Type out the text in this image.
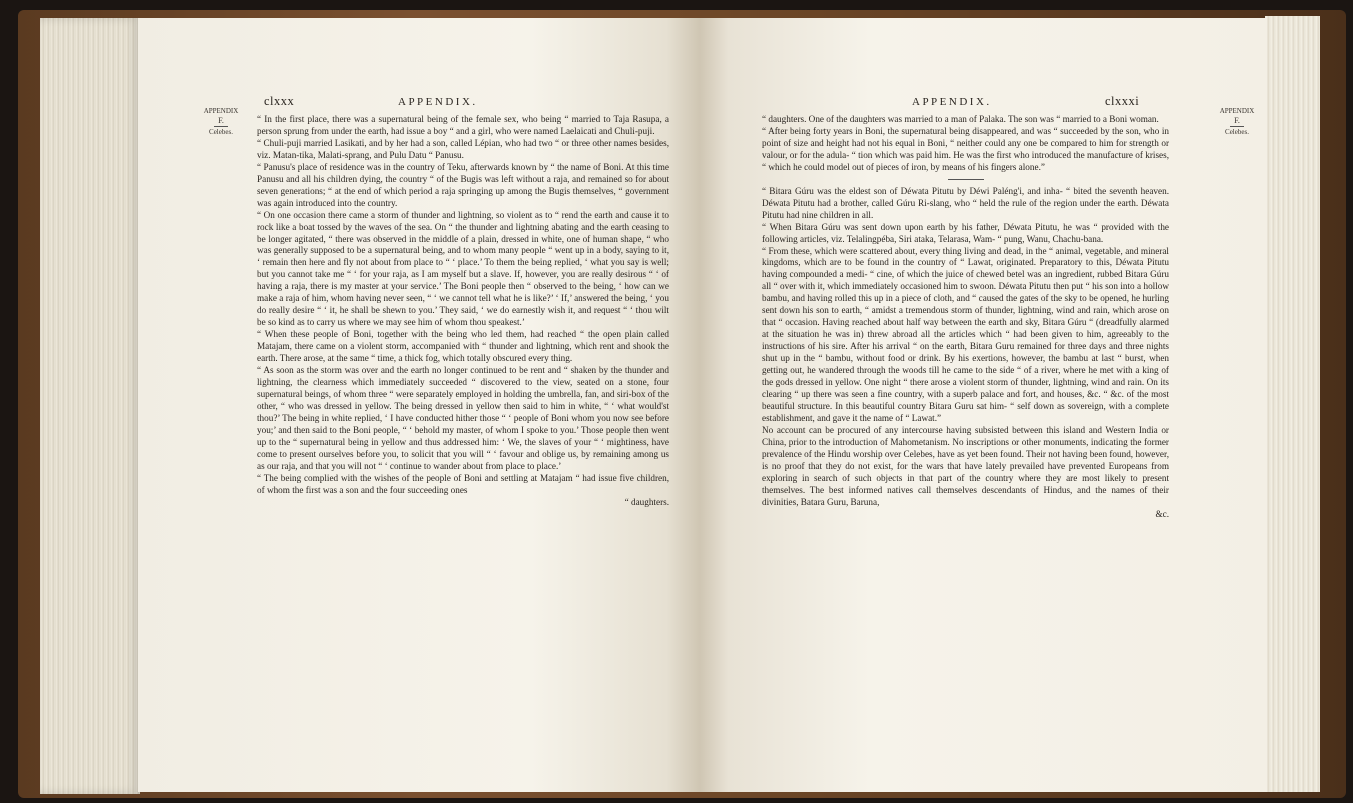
clxxx	APPENDIX.
APPENDIX
F.
Celebes.

“ In the first place, there was a supernatural being of the female sex, who being “ married to Taja Rasupa, a person sprung from under the earth, had issue a boy “ and a girl, who were named Laelaicati and Chuli-puji.

“ Chuli-puji married Lasikati, and by her had a son, called Lépian, who had two “ or three other names besides, viz. Matan-tika, Malati-sprang, and Pulu Datu “ Panusu.

“ Panusu's place of residence was in the country of Teku, afterwards known by “ the name of Boni. At this time Panusu and all his children dying, the country “ of the Bugis was left without a raja, and remained so for about seven generations; “ at the end of which period a raja springing up among the Bugis themselves, “ government was again introduced into the country.

“ On one occasion there came a storm of thunder and lightning, so violent as to “ rend the earth and cause it to rock like a boat tossed by the waves of the sea. On “ the thunder and lightning abating and the earth ceasing to be longer agitated, “ there was observed in the middle of a plain, dressed in white, one of human shape, “ who was generally supposed to be a supernatural being, and to whom many people “ went up in a body, saying to it, ‘ remain then here and fly not about from place to “ ‘ place.’ To them the being replied, ‘ what you say is well; but you cannot take me “ ‘ for your raja, as I am myself but a slave. If, however, you are really desirous “ ‘ of having a raja, there is my master at your service.’ The Boni people then “ observed to the being, ‘ how can we make a raja of him, whom having never seen, “ ‘ we cannot tell what he is like?’ ‘ If,’ answered the being, ‘ you do really desire “ ‘ it, he shall be shewn to you.’ They said, ‘ we do earnestly wish it, and request “ ‘ thou wilt be so kind as to carry us where we may see him of whom thou speakest.’

“ When these people of Boni, together with the being who led them, had reached “ the open plain called Matajam, there came on a violent storm, accompanied with “ thunder and lightning, which rent and shook the earth. There arose, at the same “ time, a thick fog, which totally obscured every thing.

“ As soon as the storm was over and the earth no longer continued to be rent and “ shaken by the thunder and lightning, the clearness which immediately succeeded “ discovered to the view, seated on a stone, four supernatural beings, of whom three “ were separately employed in holding the umbrella, fan, and siri-box of the other, “ who was dressed in yellow. The being dressed in yellow then said to him in white, “ ‘ what would'st thou?’ The being in white replied, ‘ I have conducted hither those “ ‘ people of Boni whom you now see before you;’ and then said to the Boni people, “ ‘ behold my master, of whom I spoke to you.’ Those people then went up to the “ supernatural being in yellow and thus addressed him: ‘ We, the slaves of your “ ‘ mightiness, have come to present ourselves before you, to solicit that you will “ ‘ favour and oblige us, by remaining among us as our raja, and that you will not “ ‘ continue to wander about from place to place.’

“ The being complied with the wishes of the people of Boni and settling at Matajam “ had issue five children, of whom the first was a son and the four succeeding ones

“ daughters.

APPENDIX.	clxxxi
APPENDIX
F.
Celebes.

“ daughters. One of the daughters was married to a man of Palaka. The son was “ married to a Boni woman.

“ After being forty years in Boni, the supernatural being disappeared, and was “ succeeded by the son, who in point of size and height had not his equal in Boni, “ neither could any one be compared to him for strength or valour, or for the adula- “ tion which was paid him. He was the first who introduced the manufacture of krises, “ which he could model out of pieces of iron, by means of his fingers alone.”

“ Bitara Gúru was the eldest son of Déwata Pitutu by Déwi Paléng'i, and inha- “ bited the seventh heaven. Déwata Pitutu had a brother, called Gúru Ri-slang, who “ held the rule of the region under the earth. Déwata Pitutu had nine children in all.

“ When Bitara Gúru was sent down upon earth by his father, Déwata Pitutu, he was “ provided with the following articles, viz. Telalingpéba, Siri ataka, Telarasa, Wam- “ pung, Wanu, Chachu-bana.

“ From these, which were scattered about, every thing living and dead, in the “ animal, vegetable, and mineral kingdoms, which are to be found in the country of “ Lawat, originated. Preparatory to this, Déwata Pitutu having compounded a medi- “ cine, of which the juice of chewed betel was an ingredient, rubbed Bitara Gúru all “ over with it, which immediately occasioned him to swoon. Déwata Pitutu then put “ his son into a hollow bambu, and having rolled this up in a piece of cloth, and “ caused the gates of the sky to be opened, he hurling sent down his son to earth, “ amidst a tremendous storm of thunder, lightning, wind and rain, which arose on that “ occasion. Having reached about half way between the earth and sky, Bitara Gúru “ (dreadfully alarmed at the situation he was in) threw abroad all the articles which “ had been given to him, agreeably to the instructions of his sire. After his arrival “ on the earth, Bitara Guru remained for three days and three nights shut up in the “ bambu, without food or drink. By his exertions, however, the bambu at last “ burst, when getting out, he wandered through the woods till he came to the side “ of a river, where he met with a king of the gods dressed in yellow. One night “ there arose a violent storm of thunder, lightning, wind and rain. On its clearing “ up there was seen a fine country, with a superb palace and fort, and houses, &c. “ &c. of the most beautiful structure. In this beautiful country Bitara Guru sat him- “ self down as sovereign, with a complete establishment, and gave it the name of “ Lawat.”

No account can be procured of any intercourse having subsisted between this island and Western India or China, prior to the introduction of Mahometanism. No inscriptions or other monuments, indicating the former prevalence of the Hindu worship over Celebes, have as yet been found. Their not having been found, however, is no proof that they do not exist, for the wars that have lately prevailed have prevented Europeans from exploring in search of such objects in that part of the country where they are most likely to present themselves. The best informed natives call themselves descendants of Hindus, and the names of their divinities, Batara Guru, Baruna,

&c.
